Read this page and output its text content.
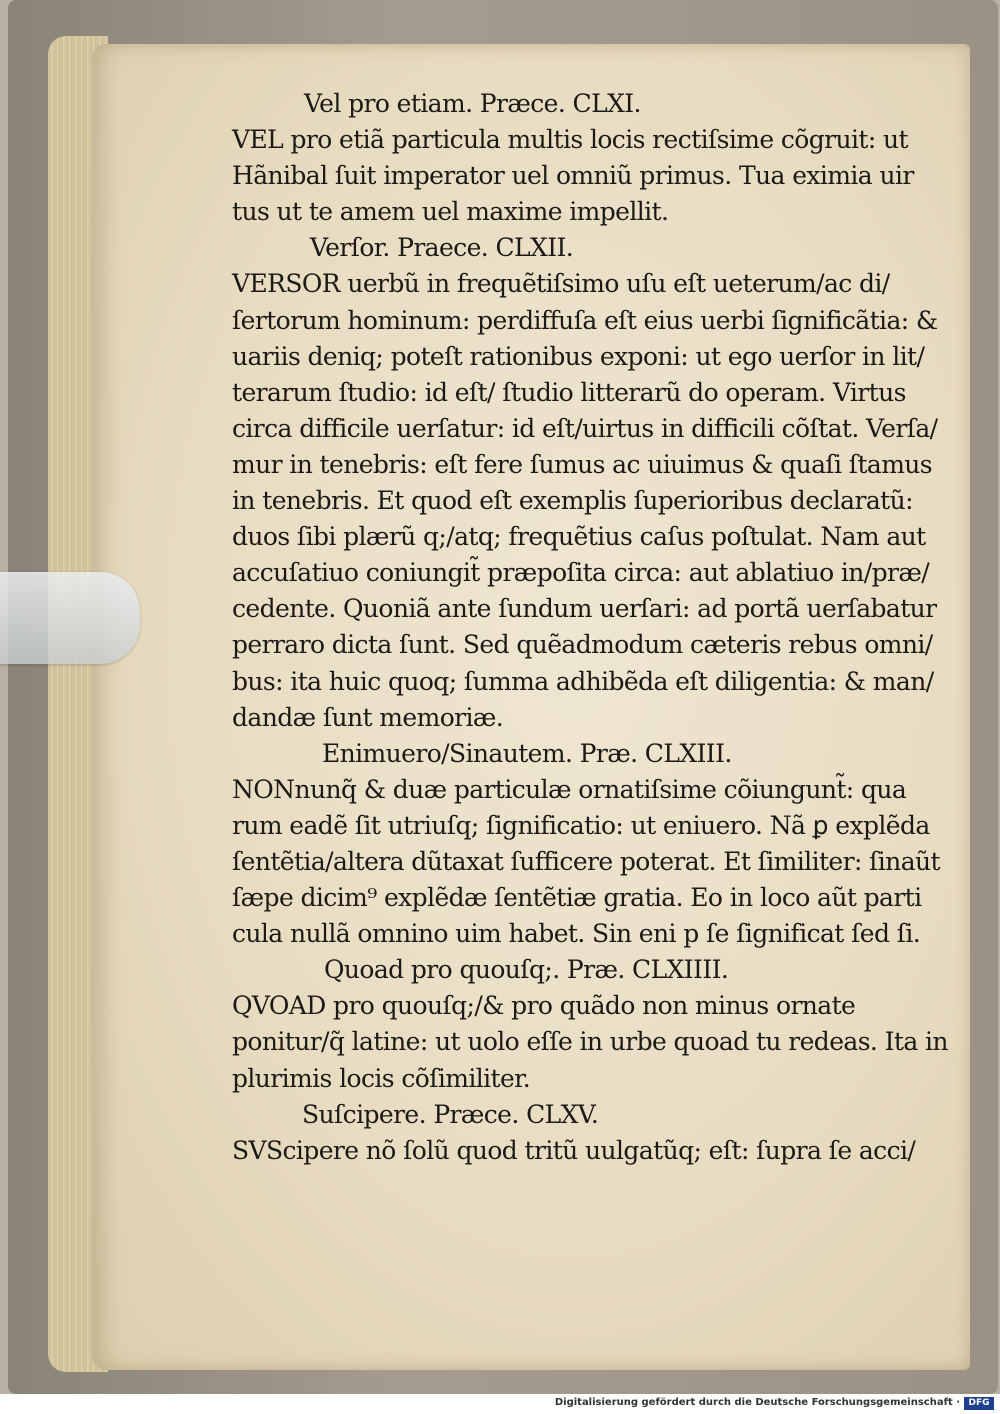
Vel pro etiam. Præce. CLXI.
VEL pro etiã particula multis locis rectiſsime cõgruit: ut
Hãnibal ſuit imperator uel omniũ primus. Tua eximia uir
tus ut te amem uel maxime impellit.
Verſor. Praece. CLXII.
VERSOR uerbũ in frequẽtiſsimo uſu eſt ueterum/ac di/
ſertorum hominum: perdiffuſa eſt eius uerbi ſignificãtia: &
uariis deniq; poteſt rationibus exponi: ut ego uerſor in lit/
terarum ſtudio: id eſt/ ſtudio litterarũ do operam. Virtus
circa difficile uerſatur: id eſt/uirtus in difficili cõſtat. Verſa/
mur in tenebris: eſt fere ſumus ac uiuimus & quaſi ſtamus
in tenebris. Et quod eſt exemplis ſuperioribus declaratũ:
duos ſibi plærũ q;/atq; frequẽtius caſus poſtulat. Nam aut
accuſatiuo coniungit̃ præpoſita circa: aut ablatiuo in/præ/
cedente. Quoniã ante ſundum uerſari: ad portã uerſabatur
perraro dicta ſunt. Sed quẽadmodum cæteris rebus omni/
bus: ita huic quoq; ſumma adhibẽda eſt diligentia: & man/
dandæ ſunt memoriæ.
Enimuero/Sinautem. Præ. CLXIII.
NONnunq̃ & duæ particulæ ornatiſsime cõiungunt̃: qua
rum eadẽ ſit utriuſq; ſignificatio: ut eniuero. Nã ꝑ explẽda
ſentẽtia/altera dũtaxat ſufficere poterat. Et ſimiliter: ſinaũt
ſæpe dicim⁹ explẽdæ ſentẽtiæ gratia. Eo in loco aũt parti
cula nullã omnino uim habet. Sin eni p ſe ſignificat ſed ſi.
Quoad pro quouſq;. Præ. CLXIIII.
QVOAD pro quouſq;/& pro quãdo non minus ornate
ponitur/q̃ latine: ut uolo eſſe in urbe quoad tu redeas. Ita in
plurimis locis cõſimiliter.
Suſcipere. Præce. CLXV.
SVScipere nõ ſolũ quod tritũ uulgatũq; eſt: ſupra ſe acci/
Digitalisierung gefördert durch die Deutsche Forschungsgemeinschaft · DFG
